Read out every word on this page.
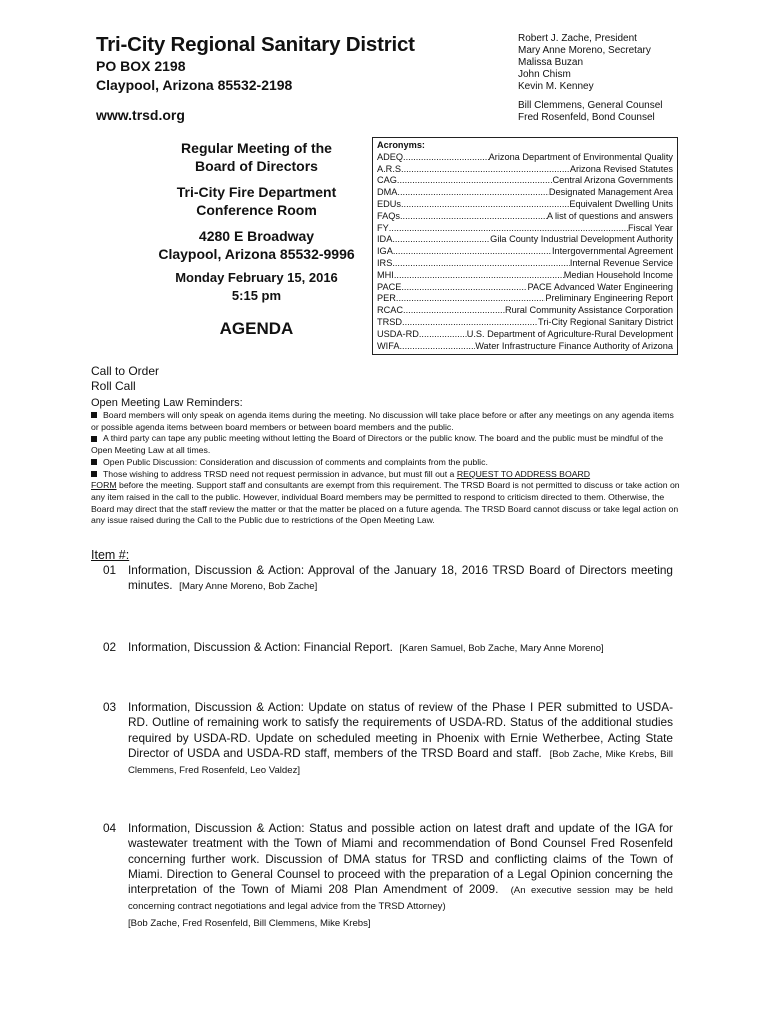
Tri-City Regional Sanitary District
PO BOX 2198
Claypool, Arizona 85532-2198
www.trsd.org
Robert J. Zache, President
Mary Anne Moreno, Secretary
Malissa Buzan
John Chism
Kevin M. Kenney
Bill Clemmens, General Counsel
Fred Rosenfeld, Bond Counsel
Regular Meeting of the
Board of Directors
Tri-City Fire Department
Conference Room
4280 E Broadway
Claypool, Arizona 85532-9996
Monday February 15, 2016
5:15 pm
AGENDA
Acronyms:
ADEQ .....	Arizona Department of Environmental Quality
A.R.S. .....	Arizona Revised Statutes
CAG .....	Central Arizona Governments
DMA .....	Designated Management Area
EDUs .....	Equivalent Dwelling Units
FAQs .....	A list of questions and answers
FY .....	Fiscal Year
IDA .....	Gila County Industrial Development Authority
IGA .....	Intergovernmental Agreement
IRS .....	Internal Revenue Service
MHI .....	Median Household Income
PACE .....	PACE Advanced Water Engineering
PER .....	Preliminary Engineering Report
RCAC .....	Rural Community Assistance Corporation
TRSD .....	Tri-City Regional Sanitary District
USDA-RD .....	U.S. Department of Agriculture-Rural Development
WIFA .....	Water Infrastructure Finance Authority of Arizona
Call to Order
Roll Call
Open Meeting Law Reminders:
Board members will only speak on agenda items during the meeting. No discussion will take place before or after any meetings on any agenda items or possible agenda items between board members or between board members and the public.
A third party can tape any public meeting without letting the Board of Directors or the public know. The board and the public must be mindful of the Open Meeting Law at all times.
Open Public Discussion: Consideration and discussion of comments and complaints from the public.
Those wishing to address TRSD need not request permission in advance, but must fill out a REQUEST TO ADDRESS BOARD
FORM before the meeting. Support staff and consultants are exempt from this requirement. The TRSD Board is not permitted to discuss or take action on any item raised in the call to the public. However, individual Board members may be permitted to respond to criticism directed to them. Otherwise, the Board may direct that the staff review the matter or that the matter be placed on a future agenda. The TRSD Board cannot discuss or take legal action on any issue raised during the Call to the Public due to restrictions of the Open Meeting Law.
Item #:
01 Information, Discussion & Action: Approval of the January 18, 2016 TRSD Board of Directors meeting minutes. [Mary Anne Moreno, Bob Zache]
02 Information, Discussion & Action: Financial Report. [Karen Samuel, Bob Zache, Mary Anne Moreno]
03 Information, Discussion & Action: Update on status of review of the Phase I PER submitted to USDA-RD. Outline of remaining work to satisfy the requirements of USDA-RD. Status of the additional studies required by USDA-RD. Update on scheduled meeting in Phoenix with Ernie Wetherbee, Acting State Director of USDA and USDA-RD staff, members of the TRSD Board and staff. [Bob Zache, Mike Krebs, Bill Clemmens, Fred Rosenfeld, Leo Valdez]
04 Information, Discussion & Action: Status and possible action on latest draft and update of the IGA for wastewater treatment with the Town of Miami and recommendation of Bond Counsel Fred Rosenfeld concerning further work. Discussion of DMA status for TRSD and conflicting claims of the Town of Miami. Direction to General Counsel to proceed with the preparation of a Legal Opinion concerning the interpretation of the Town of Miami 208 Plan Amendment of 2009. (An executive session may be held concerning contract negotiations and legal advice from the TRSD Attorney)
[Bob Zache, Fred Rosenfeld, Bill Clemmens, Mike Krebs]
